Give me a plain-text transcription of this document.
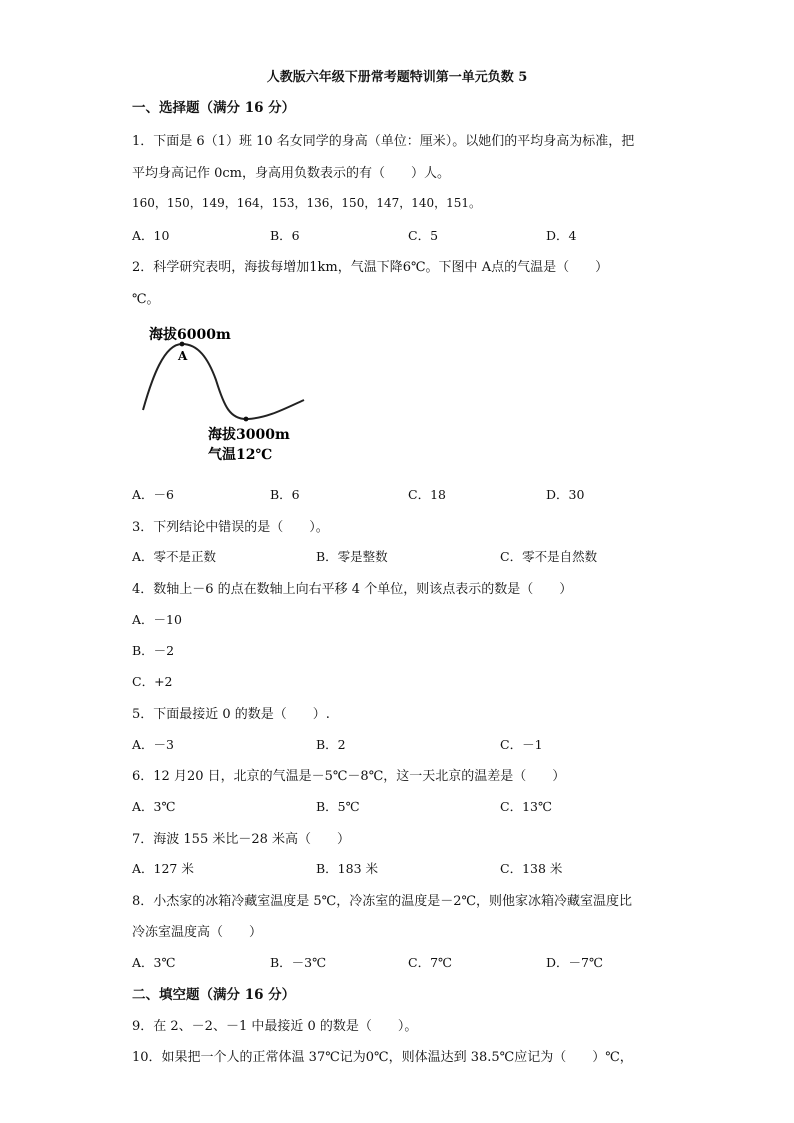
人教版六年级下册常考题特训第一单元负数 5
一、选择题（满分 16 分）
1．下面是 6（1）班 10 名女同学的身高（单位：厘米）。以她们的平均身高为标准，把
平均身高记作 0cm，身高用负数表示的有（　　）人。
160，150，149，164，153，136，150，147，140，151。
A．10	B．6	C．5	D．4
2．科学研究表明，海拔每增加1km，气温下降6℃。下图中 A点的气温是（　　）
℃。
海拔6000m
A
海拔3000m
气温12℃
A．－6	B．6	C．18	D．30
3．下列结论中错误的是（　　）。
A．零不是正数	B．零是整数	C．零不是自然数
4．数轴上－6 的点在数轴上向右平移 4 个单位，则该点表示的数是（　　）
A．－10
B．－2
C．+2
5．下面最接近 0 的数是（　　）.
A．－3	B．2	C．－1
6．12 月20 日，北京的气温是－5℃－8℃，这一天北京的温差是（　　）
A．3℃	B．5℃	C．13℃
7．海波 155 米比－28 米高（　　）
A．127 米	B．183 米	C．138 米
8．小杰家的冰箱冷藏室温度是 5℃，冷冻室的温度是－2℃，则他家冰箱冷藏室温度比
冷冻室温度高（　　）
A．3℃	B．－3℃	C．7℃	D．－7℃
二、填空题（满分 16 分）
9．在 2、－2、－1 中最接近 0 的数是（　　）。
10．如果把一个人的正常体温 37℃记为0℃，则体温达到 38.5℃应记为（　　）℃，
